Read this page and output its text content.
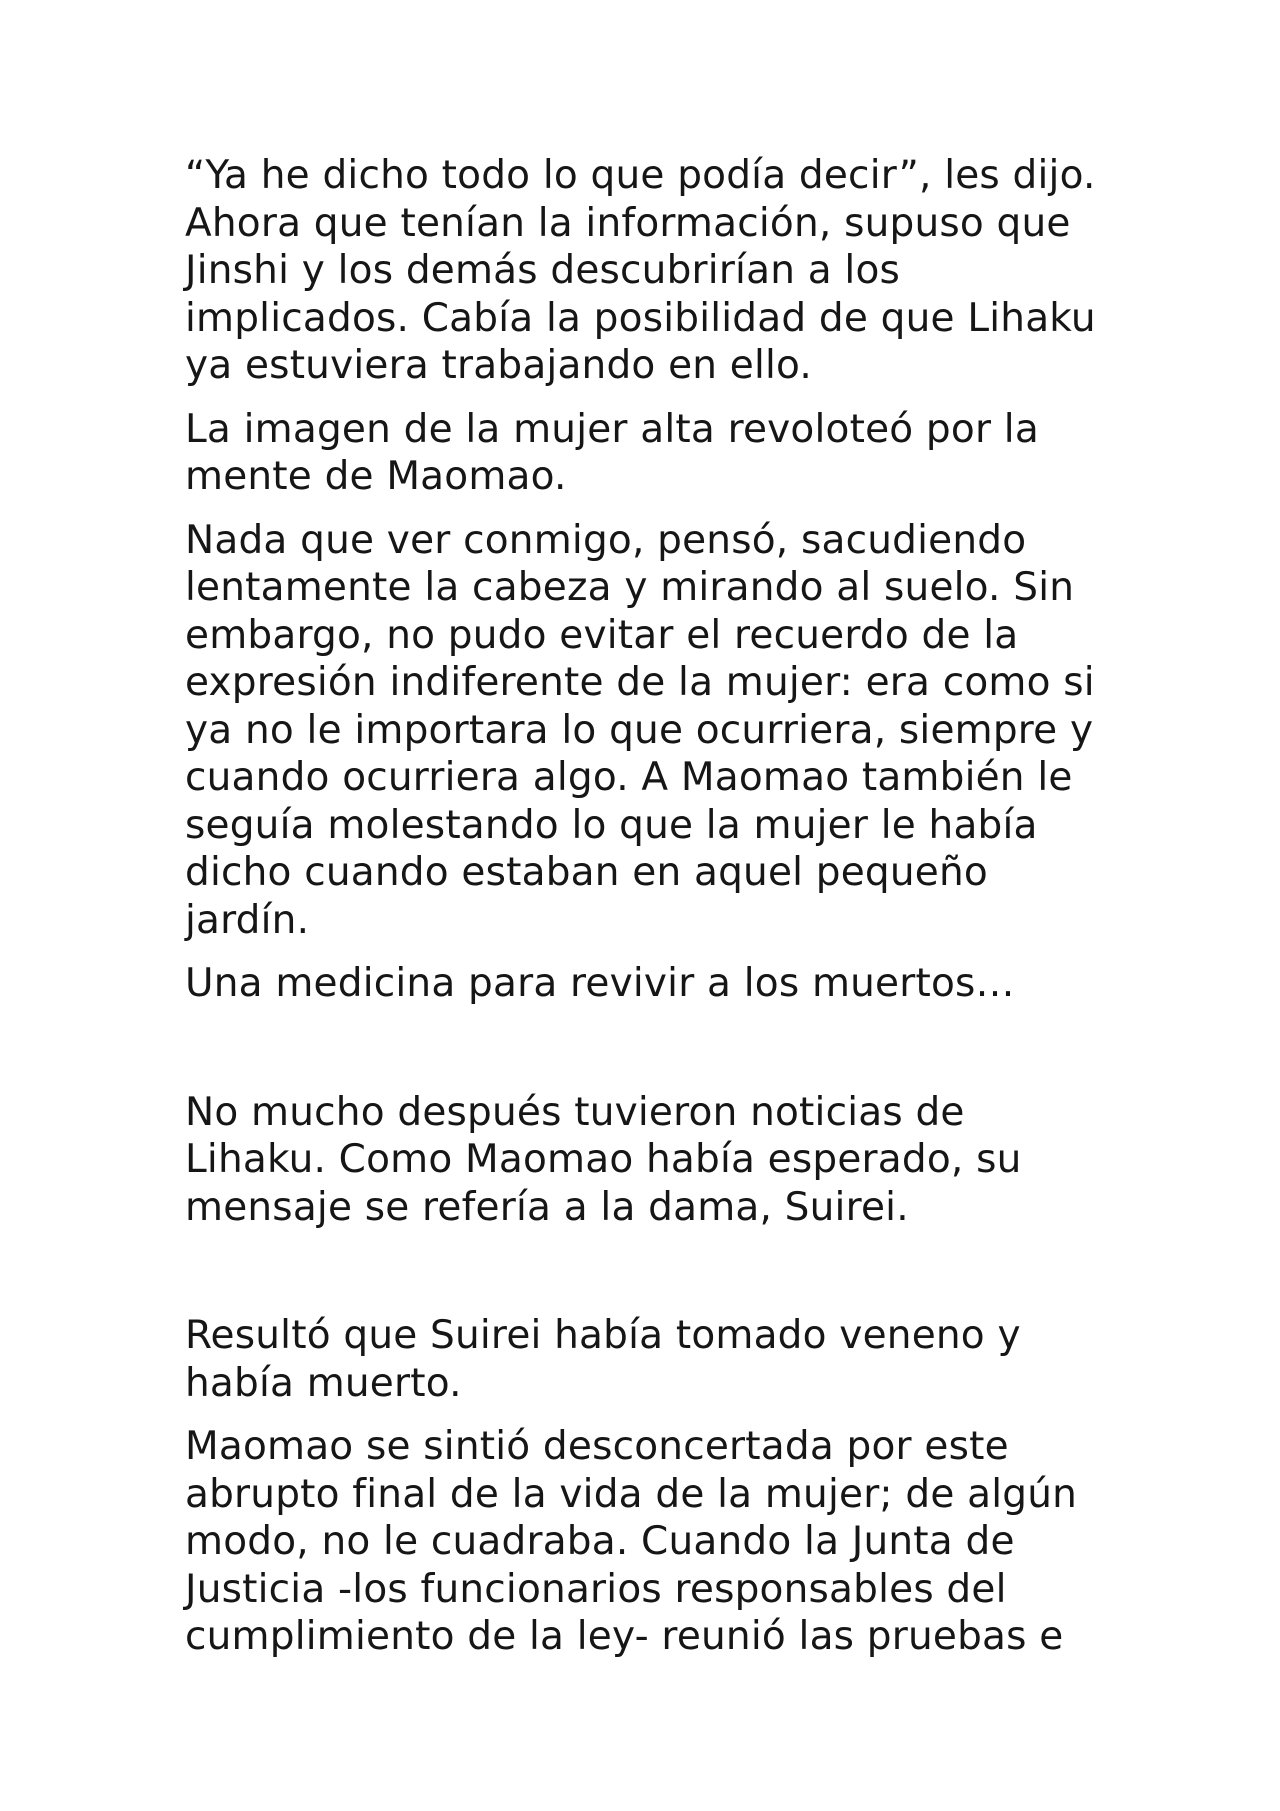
“Ya he dicho todo lo que podía decir”, les dijo.
Ahora que tenían la información, supuso que
Jinshi y los demás descubrirían a los
implicados. Cabía la posibilidad de que Lihaku
ya estuviera trabajando en ello.

La imagen de la mujer alta revoloteó por la
mente de Maomao.

Nada que ver conmigo, pensó, sacudiendo
lentamente la cabeza y mirando al suelo. Sin
embargo, no pudo evitar el recuerdo de la
expresión indiferente de la mujer: era como si
ya no le importara lo que ocurriera, siempre y
cuando ocurriera algo. A Maomao también le
seguía molestando lo que la mujer le había
dicho cuando estaban en aquel pequeño
jardín.

Una medicina para revivir a los muertos…

No mucho después tuvieron noticias de
Lihaku. Como Maomao había esperado, su
mensaje se refería a la dama, Suirei.

Resultó que Suirei había tomado veneno y
había muerto.

Maomao se sintió desconcertada por este
abrupto final de la vida de la mujer; de algún
modo, no le cuadraba. Cuando la Junta de
Justicia -los funcionarios responsables del
cumplimiento de la ley- reunió las pruebas e
